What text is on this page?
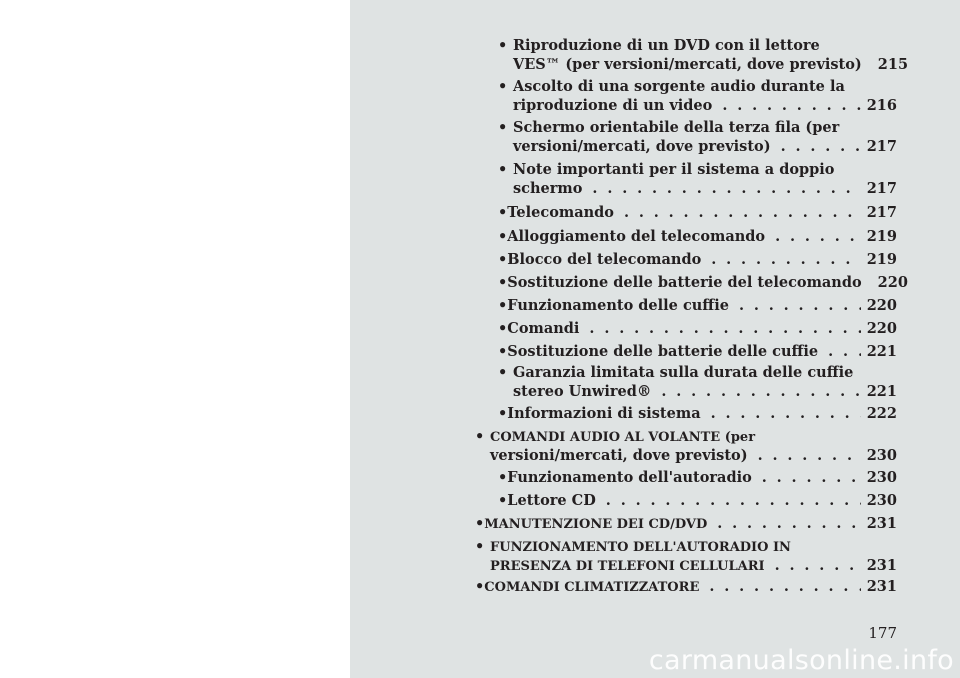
• Riproduzione di un DVD con il lettore
VES™ (per versioni/mercati, dove previsto) . . .	215
• Ascolto di una sorgente audio durante la
riproduzione di un video . . .	216
• Schermo orientabile della terza fila (per
versioni/mercati, dove previsto) . . .	217
• Note importanti per il sistema a doppio
schermo . . .	217
• Telecomando . . .	217
• Alloggiamento del telecomando . . .	219
• Blocco del telecomando . . .	219
• Sostituzione delle batterie del telecomando . . .	220
• Funzionamento delle cuffie . . .	220
• Comandi . . .	220
• Sostituzione delle batterie delle cuffie . . .	221
• Garanzia limitata sulla durata delle cuffie
stereo Unwired® . . .	221
• Informazioni di sistema . . .	222
• COMANDI AUDIO AL VOLANTE (per
versioni/mercati, dove previsto) . . .	230
• Funzionamento dell'autoradio . . .	230
• Lettore CD . . .	230
• MANUTENZIONE DEI CD/DVD . . .	231
• FUNZIONAMENTO DELL'AUTORADIO IN
PRESENZA DI TELEFONI CELLULARI . . .	231
• COMANDI CLIMATIZZATORE . . .	231
177
carmanualsonline.info
